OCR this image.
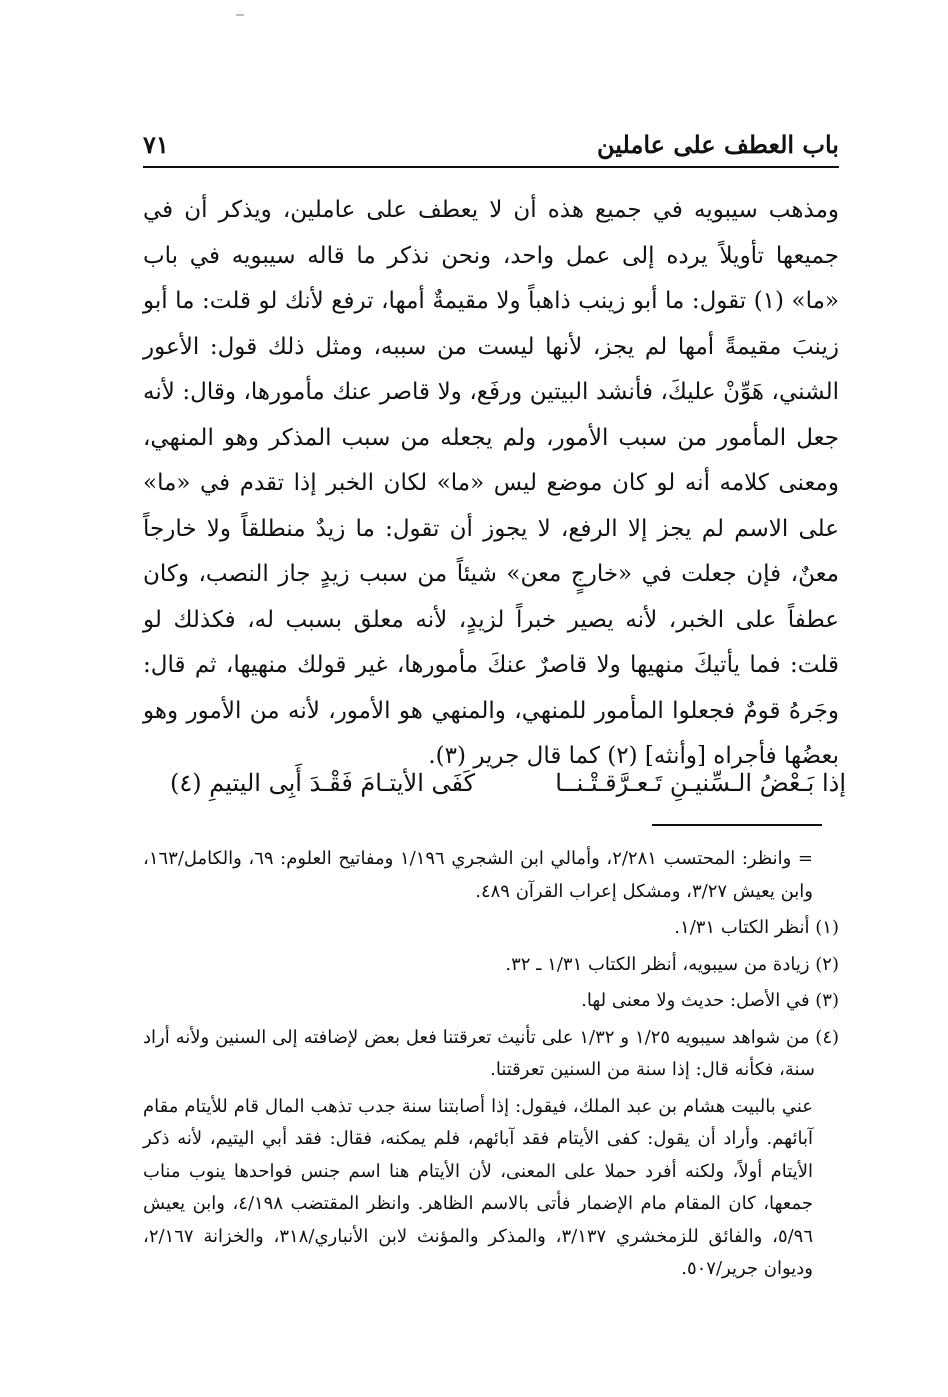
باب العطف على عاملين
٧١

ومذهب سيبويه في جميع هذه أن لا يعطف على عاملين، ويذكر أن في جميعها تأويلاً يرده إلى عمل واحد، ونحن نذكر ما قاله سيبويه في باب «ما» (١) تقول: ما أبو زينب ذاهباً ولا مقيمةٌ أمها، ترفع لأنك لو قلت: ما أبو زينبَ مقيمةً أمها لم يجز، لأنها ليست من سببه، ومثل ذلك قول: الأعور الشني، هَوِّنْ عليكَ، فأنشد البيتين ورفَع، ولا قاصر عنك مأمورها، وقال: لأنه جعل المأمور من سبب الأمور، ولم يجعله من سبب المذكر وهو المنهي، ومعنى كلامه أنه لو كان موضع ليس «ما» لكان الخبر إذا تقدم في «ما» على الاسم لم يجز إلا الرفع، لا يجوز أن تقول: ما زيدٌ منطلقاً ولا خارجاً معنٌ، فإن جعلت في «خارجٍ معن» شيئاً من سبب زيدٍ جاز النصب، وكان عطفاً على الخبر، لأنه يصير خبراً لزيدٍ، لأنه معلق بسبب له، فكذلك لو قلت: فما يأتيكَ منهيها ولا قاصرٌ عنكَ مأمورها، غير قولك منهيها، ثم قال: وجَرهُ قومٌ فجعلوا المأمور للمنهي، والمنهي هو الأمور، لأنه من الأمور وهو بعضُها فأجراه [وأنثه] (٢) كما قال جرير (٣).

إذا بَـعْضُ الـسِّنيـنِ تَـعـرَّقـتْـنــا
كَفَى الأيتـامَ فَقْـدَ أَبِى اليتيمِ (٤)

= وانظر: المحتسب ٢/٢٨١، وأمالي ابن الشجري ١/١٩٦ ومفاتيح العلوم: ٦٩، والكامل/١٦٣، وابن يعيش ٣/٢٧، ومشكل إعراب القرآن ٤٨٩.

(١) أنظر الكتاب ١/٣١.

(٢) زيادة من سيبويه، أنظر الكتاب ١/٣١ ـ ٣٢.

(٣) في الأصل: حديث ولا معنى لها.

(٤) من شواهد سيبويه ١/٢٥ و ١/٣٢ على تأنيث تعرقتنا فعل بعض لإضافته إلى السنين ولأنه أراد سنة، فكأنه قال: إذا سنة من السنين تعرقتنا.

عني بالبيت هشام بن عبد الملك، فيقول: إذا أصابتنا سنة جدب تذهب المال قام للأيتام مقام آبائهم. وأراد أن يقول: كفى الأيتام فقد آبائهم، فلم يمكنه، فقال: فقد أبي اليتيم، لأنه ذكر الأيتام أولاً، ولكنه أفرد حملا على المعنى، لأن الأيتام هنا اسم جنس فواحدها ينوب مناب جمعها، كان المقام مام الإضمار فأتى بالاسم الظاهر. وانظر المقتضب ٤/١٩٨، وابن يعيش ٥/٩٦، والفائق للزمخشري ٣/١٣٧، والمذكر والمؤنث لابن الأنباري/٣١٨، والخزانة ٢/١٦٧، وديوان جرير/٥٠٧.
